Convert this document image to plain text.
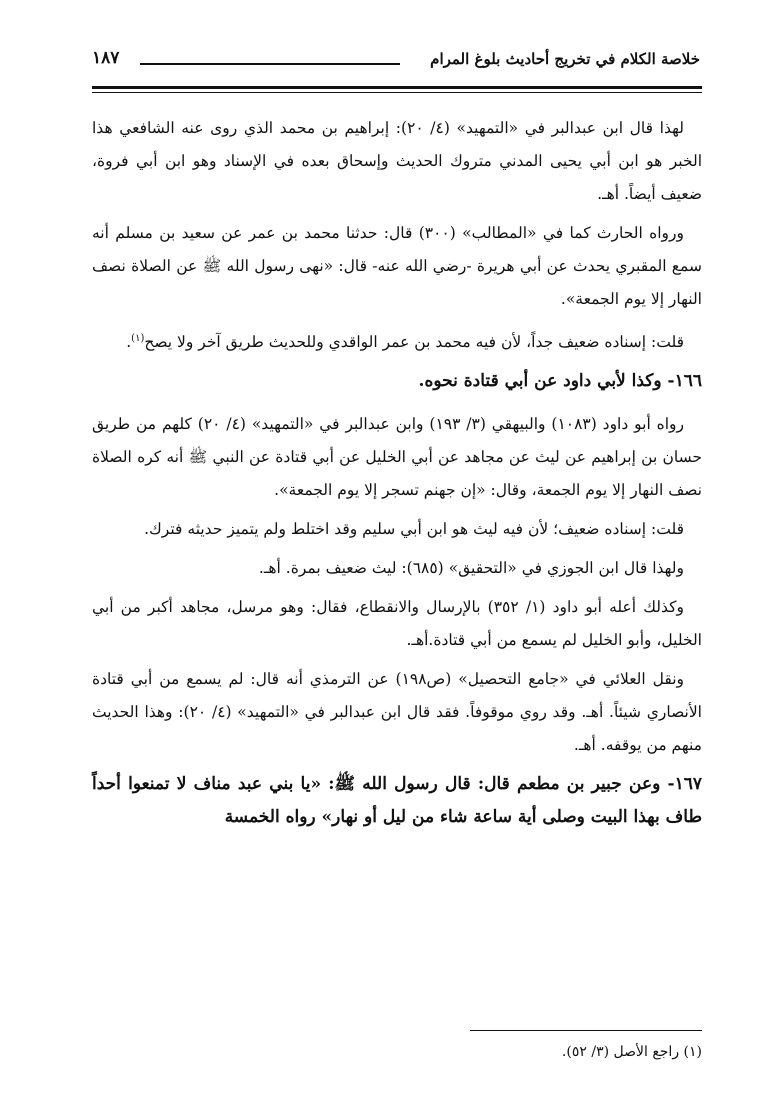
خلاصة الكلام في تخريج أحاديث بلوغ المرام
١٨٧

لهذا قال ابن عبدالبر في «التمهيد» (٤/ ٢٠): إبراهيم بن محمد الذي روى عنه الشافعي هذا الخبر هو ابن أبي يحيى المدني متروك الحديث وإسحاق بعده في الإسناد وهو ابن أبي فروة، ضعيف أيضاً. أهـ.

ورواه الحارث كما في «المطالب» (٣٠٠) قال: حدثنا محمد بن عمر عن سعيد بن مسلم أنه سمع المقبري يحدث عن أبي هريرة -رضي الله عنه- قال: «نهى رسول الله ﷺ عن الصلاة نصف النهار إلا يوم الجمعة».

قلت: إسناده ضعيف جداً، لأن فيه محمد بن عمر الواقدي وللحديث طريق آخر ولا يصح$^{(١)}$.

١٦٦- وكذا لأبي داود عن أبي قتادة نحوه.

رواه أبو داود (١٠٨٣) والبيهقي (٣/ ١٩٣) وابن عبدالبر في «التمهيد» (٤/ ٢٠) كلهم من طريق حسان بن إبراهيم عن ليث عن مجاهد عن أبي الخليل عن أبي قتادة عن النبي ﷺ أنه كره الصلاة نصف النهار إلا يوم الجمعة، وقال: «إن جهنم تسجر إلا يوم الجمعة».

قلت: إسناده ضعيف؛ لأن فيه ليث هو ابن أبي سليم وقد اختلط ولم يتميز حديثه فترك.

ولهذا قال ابن الجوزي في «التحقيق» (٦٨٥): ليث ضعيف بمرة. أهـ.

وكذلك أعله أبو داود (١/ ٣٥٢) بالإرسال والانقطاع، فقال: وهو مرسل، مجاهد أكبر من أبي الخليل، وأبو الخليل لم يسمع من أبي قتادة.أهـ.

ونقل العلائي في «جامع التحصيل» (ص١٩٨) عن الترمذي أنه قال: لم يسمع من أبي قتادة الأنصاري شيئاً. أهـ. وقد روي موقوفاً. فقد قال ابن عبدالبر في «التمهيد» (٤/ ٢٠): وهذا الحديث منهم من يوقفه. أهـ.

١٦٧- وعن جبير بن مطعم قال: قال رسول الله ﷺ: «يا بني عبد مناف لا تمنعوا أحداً طاف بهذا البيت وصلى أية ساعة شاء من ليل أو نهار» رواه الخمسة

(١) راجع الأصل (٣/ ٥٢).
